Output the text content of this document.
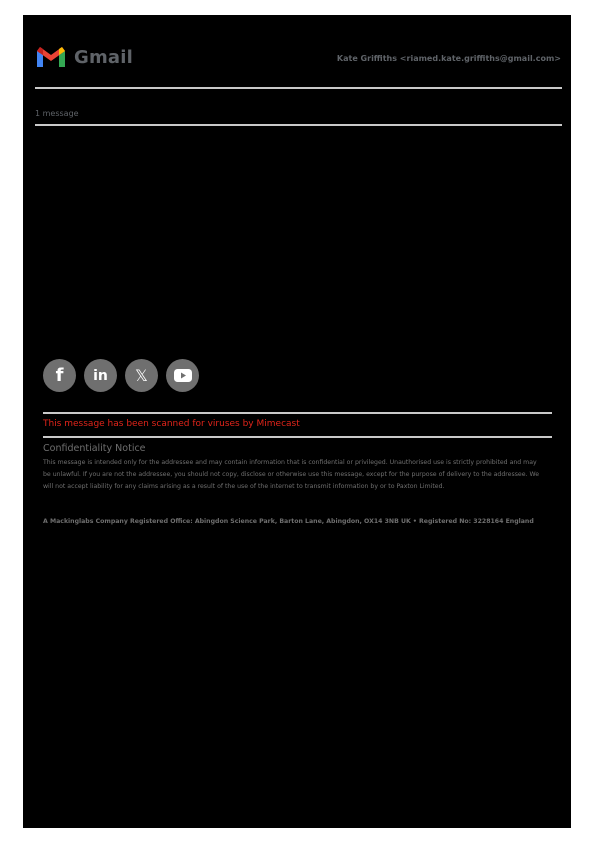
Gmail	Kate Griffiths <riamed.kate.griffiths@gmail.com>
1 message
f in 𝕏
This message has been scanned for viruses by Mimecast
Confidentiality Notice
This message is intended only for the addressee and may contain information that is confidential or privileged. Unauthorised use is strictly prohibited and may be unlawful. If you are not the addressee, you should not copy, disclose or otherwise use this message, except for the purpose of delivery to the addressee. We will not accept liability for any claims arising as a result of the use of the internet to transmit information by or to Paxton Limited.
A Mackinglabs Company Registered Office: Abingdon Science Park, Barton Lane, Abingdon, OX14 3NB UK • Registered No: 3228164 England
